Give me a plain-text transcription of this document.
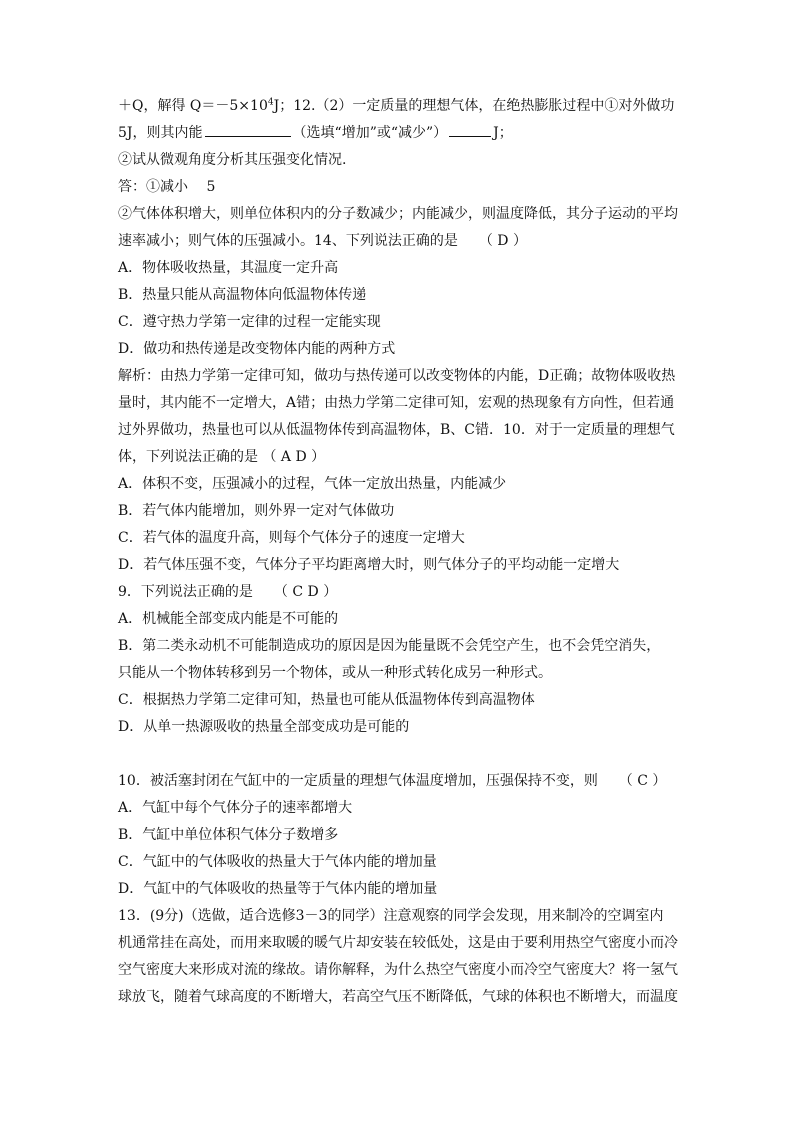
＋Q，解得 $Q=-5\times 10^4J$；12.（2）一定质量的理想气体，在绝热膨胀过程中①对外做功
5J，则其内能	（选填“增加”或“减少”）	J；
②试从微观角度分析其压强变化情况.
答：①减小　 5
②气体体积增大，则单位体积内的分子数减少；内能减少，则温度降低，其分子运动的平均
速率减小；则气体的压强减小。14、下列说法正确的是　　（ D ）
A．物体吸收热量，其温度一定升高
B．热量只能从高温物体向低温物体传递
C．遵守热力学第一定律的过程一定能实现
D．做功和热传递是改变物体内能的两种方式
解析：由热力学第一定律可知，做功与热传递可以改变物体的内能，D正确；故物体吸收热
量时，其内能不一定增大，A错；由热力学第二定律可知，宏观的热现象有方向性，但若通
过外界做功，热量也可以从低温物体传到高温物体，B、C错．10．对于一定质量的理想气
体，下列说法正确的是 （ A D ）
A．体积不变，压强减小的过程，气体一定放出热量，内能减少
B．若气体内能增加，则外界一定对气体做功
C．若气体的温度升高，则每个气体分子的速度一定增大
D．若气体压强不变，气体分子平均距离增大时，则气体分子的平均动能一定增大
9．下列说法正确的是　　（ C D ）
A．机械能全部变成内能是不可能的
B．第二类永动机不可能制造成功的原因是因为能量既不会凭空产生，也不会凭空消失，
只能从一个物体转移到另一个物体，或从一种形式转化成另一种形式。
C．根据热力学第二定律可知，热量也可能从低温物体传到高温物体
D．从单一热源吸收的热量全部变成功是可能的
10．被活塞封闭在气缸中的一定质量的理想气体温度增加，压强保持不变，则　　（ C ）
A．气缸中每个气体分子的速率都增大
B．气缸中单位体积气体分子数增多
C．气缸中的气体吸收的热量大于气体内能的增加量
D．气缸中的气体吸收的热量等于气体内能的增加量
13．(9分)（选做，适合选修3－3的同学）注意观察的同学会发现，用来制冷的空调室内
机通常挂在高处，而用来取暖的暖气片却安装在较低处，这是由于要利用热空气密度小而冷
空气密度大来形成对流的缘故。请你解释，为什么热空气密度小而冷空气密度大？将一氢气
球放飞，随着气球高度的不断增大，若高空气压不断降低，气球的体积也不断增大，而温度
